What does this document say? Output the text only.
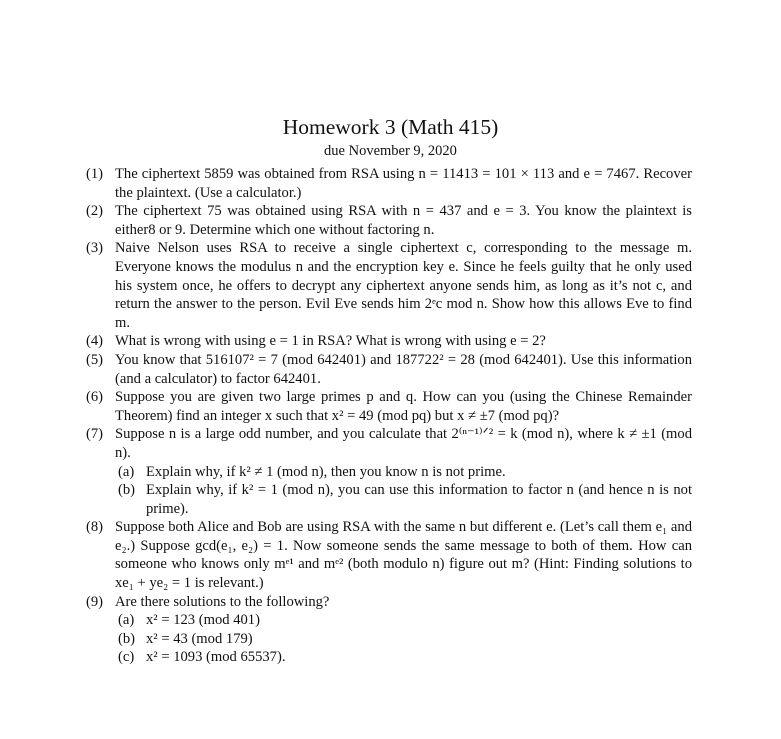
Homework 3 (Math 415)
due November 9, 2020
(1) The ciphertext 5859 was obtained from RSA using n = 11413 = 101 × 113 and e = 7467. Recover the plaintext. (Use a calculator.)
(2) The ciphertext 75 was obtained using RSA with n = 437 and e = 3. You know the plaintext is either8 or 9. Determine which one without factoring n.
(3) Naive Nelson uses RSA to receive a single ciphertext c, corresponding to the message m. Everyone knows the modulus n and the encryption key e. Since he feels guilty that he only used his system once, he offers to decrypt any ciphertext anyone sends him, as long as it’s not c, and return the answer to the person. Evil Eve sends him 2ᵉc mod n. Show how this allows Eve to find m.
(4) What is wrong with using e = 1 in RSA? What is wrong with using e = 2?
(5) You know that 516107² = 7 (mod 642401) and 187722² = 28 (mod 642401). Use this information (and a calculator) to factor 642401.
(6) Suppose you are given two large primes p and q. How can you (using the Chinese Remainder Theorem) find an integer x such that x² = 49 (mod pq) but x ≠ ±7 (mod pq)?
(7) Suppose n is a large odd number, and you calculate that 2⁽ⁿ⁻¹⁾ᐟ² = k (mod n), where k ≠ ±1 (mod n).
(a) Explain why, if k² ≠ 1 (mod n), then you know n is not prime.
(b) Explain why, if k² = 1 (mod n), you can use this information to factor n (and hence n is not prime).
(8) Suppose both Alice and Bob are using RSA with the same n but different e. (Let’s call them e₁ and e₂.) Suppose gcd(e₁, e₂) = 1. Now someone sends the same message to both of them. How can someone who knows only mᵉ¹ and mᵉ² (both modulo n) figure out m? (Hint: Finding solutions to xe₁ + ye₂ = 1 is relevant.)
(9) Are there solutions to the following?
(a) x² = 123 (mod 401)
(b) x² = 43 (mod 179)
(c) x² = 1093 (mod 65537).
